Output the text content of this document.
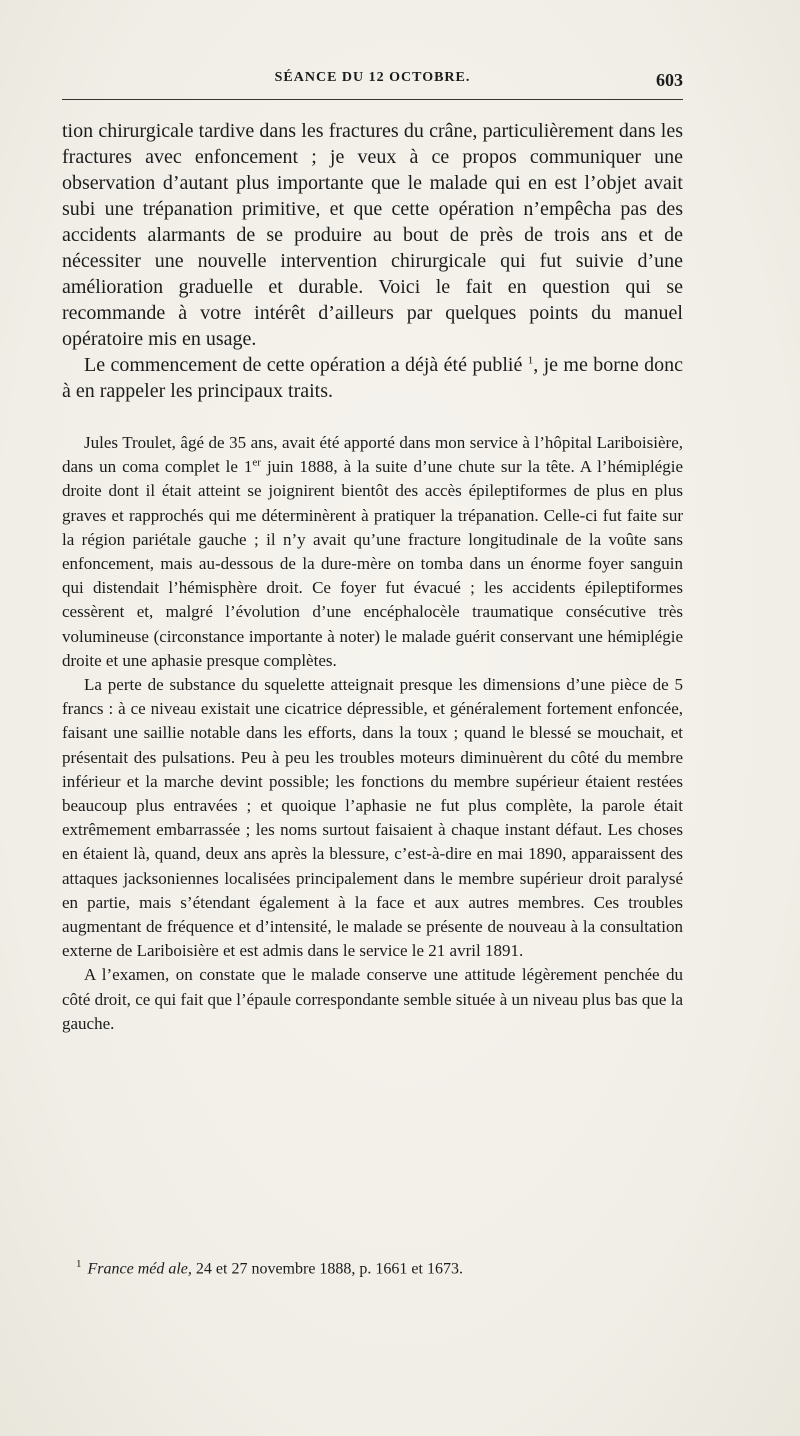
SÉANCE DU 12 OCTOBRE.	603

tion chirurgicale tardive dans les fractures du crâne, particulièrement dans les fractures avec enfoncement ; je veux à ce propos communiquer une observation d’autant plus importante que le malade qui en est l’objet avait subi une trépanation primitive, et que cette opération n’empêcha pas des accidents alarmants de se produire au bout de près de trois ans et de nécessiter une nouvelle intervention chirurgicale qui fut suivie d’une amélioration graduelle et durable. Voici le fait en question qui se recommande à votre intérêt d’ailleurs par quelques points du manuel opératoire mis en usage.

Le commencement de cette opération a déjà été publié $^1$, je me borne donc à en rappeler les principaux traits.

Jules Troulet, âgé de 35 ans, avait été apporté dans mon service à l’hôpital Lariboisière, dans un coma complet le 1er juin 1888, à la suite d’une chute sur la tête. A l’hémiplégie droite dont il était atteint se joignirent bientôt des accès épileptiformes de plus en plus graves et rapprochés qui me déterminèrent à pratiquer la trépanation. Celle-ci fut faite sur la région pariétale gauche ; il n’y avait qu’une fracture longitudinale de la voûte sans enfoncement, mais au-dessous de la dure-mère on tomba dans un énorme foyer sanguin qui distendait l’hémisphère droit. Ce foyer fut évacué ; les accidents épileptiformes cessèrent et, malgré l’évolution d’une encéphalocèle traumatique consécutive très volumineuse (circonstance importante à noter) le malade guérit conservant une hémiplégie droite et une aphasie presque complètes.

La perte de substance du squelette atteignait presque les dimensions d’une pièce de 5 francs : à ce niveau existait une cicatrice dépressible, et généralement fortement enfoncée, faisant une saillie notable dans les efforts, dans la toux ; quand le blessé se mouchait, et présentait des pulsations. Peu à peu les troubles moteurs diminuèrent du côté du membre inférieur et la marche devint possible; les fonctions du membre supérieur étaient restées beaucoup plus entravées ; et quoique l’aphasie ne fut plus complète, la parole était extrêmement embarrassée ; les noms surtout faisaient à chaque instant défaut. Les choses en étaient là, quand, deux ans après la blessure, c’est-à-dire en mai 1890, apparaissent des attaques jacksoniennes localisées principalement dans le membre supérieur droit paralysé en partie, mais s’étendant également à la face et aux autres membres. Ces troubles augmentant de fréquence et d’intensité, le malade se présente de nouveau à la consultation externe de Lariboisière et est admis dans le service le 21 avril 1891.

A l’examen, on constate que le malade conserve une attitude légèrement penchée du côté droit, ce qui fait que l’épaule correspondante semble située à un niveau plus bas que la gauche.

$^1$ France méd ale, 24 et 27 novembre 1888, p. 1661 et 1673.
